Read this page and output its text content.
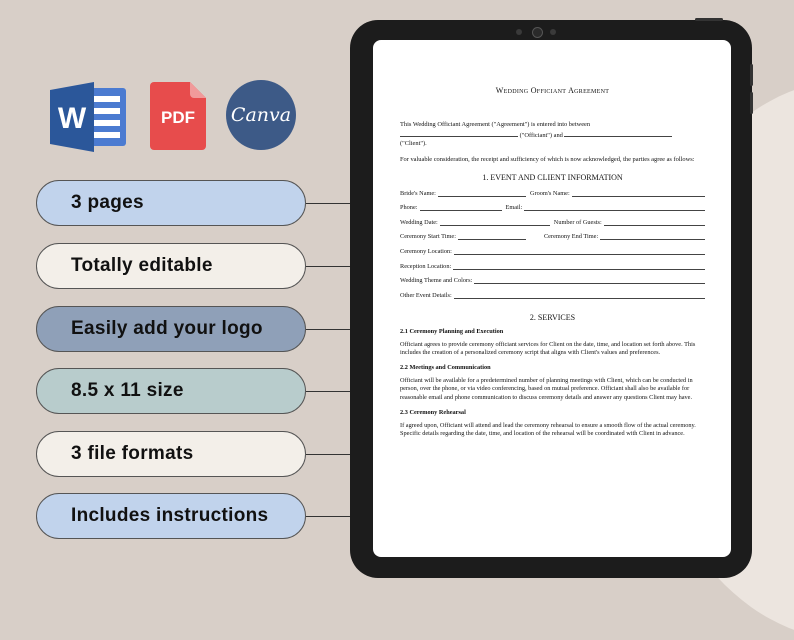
W	PDF	Canva
3 pages
Totally editable
Easily add your logo
8.5 x 11 size
3 file formats
Includes instructions
Wedding Officiant Agreement
This Wedding Officiant Agreement ("Agreement") is entered into between
("Officiant") and
("Client").
For valuable consideration, the receipt and sufficiency of which is now acknowledged, the parties agree as follows:
1. EVENT AND CLIENT INFORMATION
Bride's Name:	Groom's Name:
Phone:	Email:
Wedding Date:	Number of Guests:
Ceremony Start Time:	Ceremony End Time:
Ceremony Location:
Reception Location:
Wedding Theme and Colors:
Other Event Details:
2. SERVICES
2.1 Ceremony Planning and Execution
Officiant agrees to provide ceremony officiant services for Client on the date, time, and location set forth above. This includes the creation of a personalized ceremony script that aligns with Client's values and preferences.
2.2 Meetings and Communication
Officiant will be available for a predetermined number of planning meetings with Client, which can be conducted in person, over the phone, or via video conferencing, based on mutual preference. Officiant shall also be available for reasonable email and phone communication to discuss ceremony details and answer any questions Client may have.
2.3 Ceremony Rehearsal
If agreed upon, Officiant will attend and lead the ceremony rehearsal to ensure a smooth flow of the actual ceremony. Specific details regarding the date, time, and location of the rehearsal will be coordinated with Client in advance.
